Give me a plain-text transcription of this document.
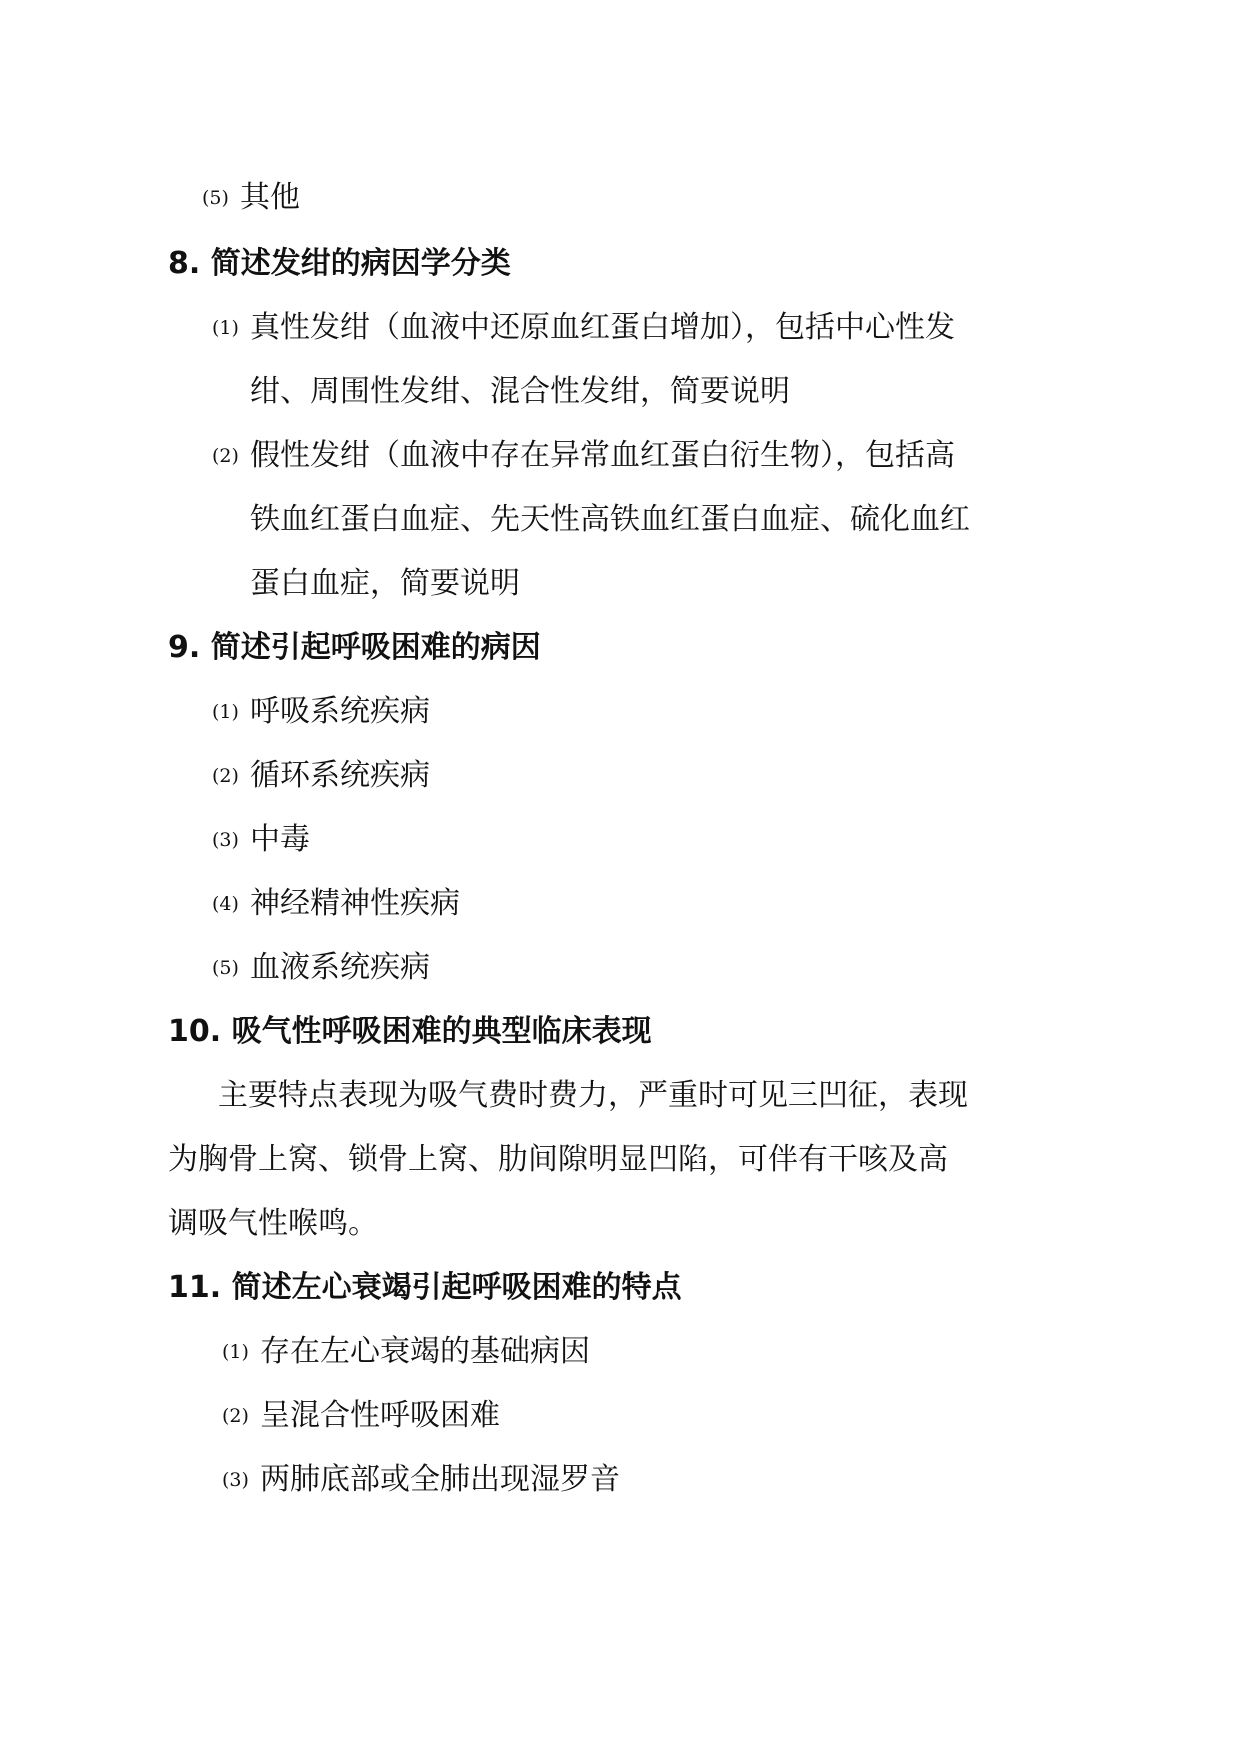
(5) 其他
8. 简述发绀的病因学分类
(1) 真性发绀（血液中还原血红蛋白增加），包括中心性发
绀、周围性发绀、混合性发绀，简要说明
(2) 假性发绀（血液中存在异常血红蛋白衍生物），包括高
铁血红蛋白血症、先天性高铁血红蛋白血症、硫化血红
蛋白血症，简要说明
9. 简述引起呼吸困难的病因
(1) 呼吸系统疾病
(2) 循环系统疾病
(3) 中毒
(4) 神经精神性疾病
(5) 血液系统疾病
10. 吸气性呼吸困难的典型临床表现
主要特点表现为吸气费时费力，严重时可见三凹征，表现
为胸骨上窝、锁骨上窝、肋间隙明显凹陷，可伴有干咳及高
调吸气性喉鸣。
11. 简述左心衰竭引起呼吸困难的特点
(1) 存在左心衰竭的基础病因
(2) 呈混合性呼吸困难
(3) 两肺底部或全肺出现湿罗音
